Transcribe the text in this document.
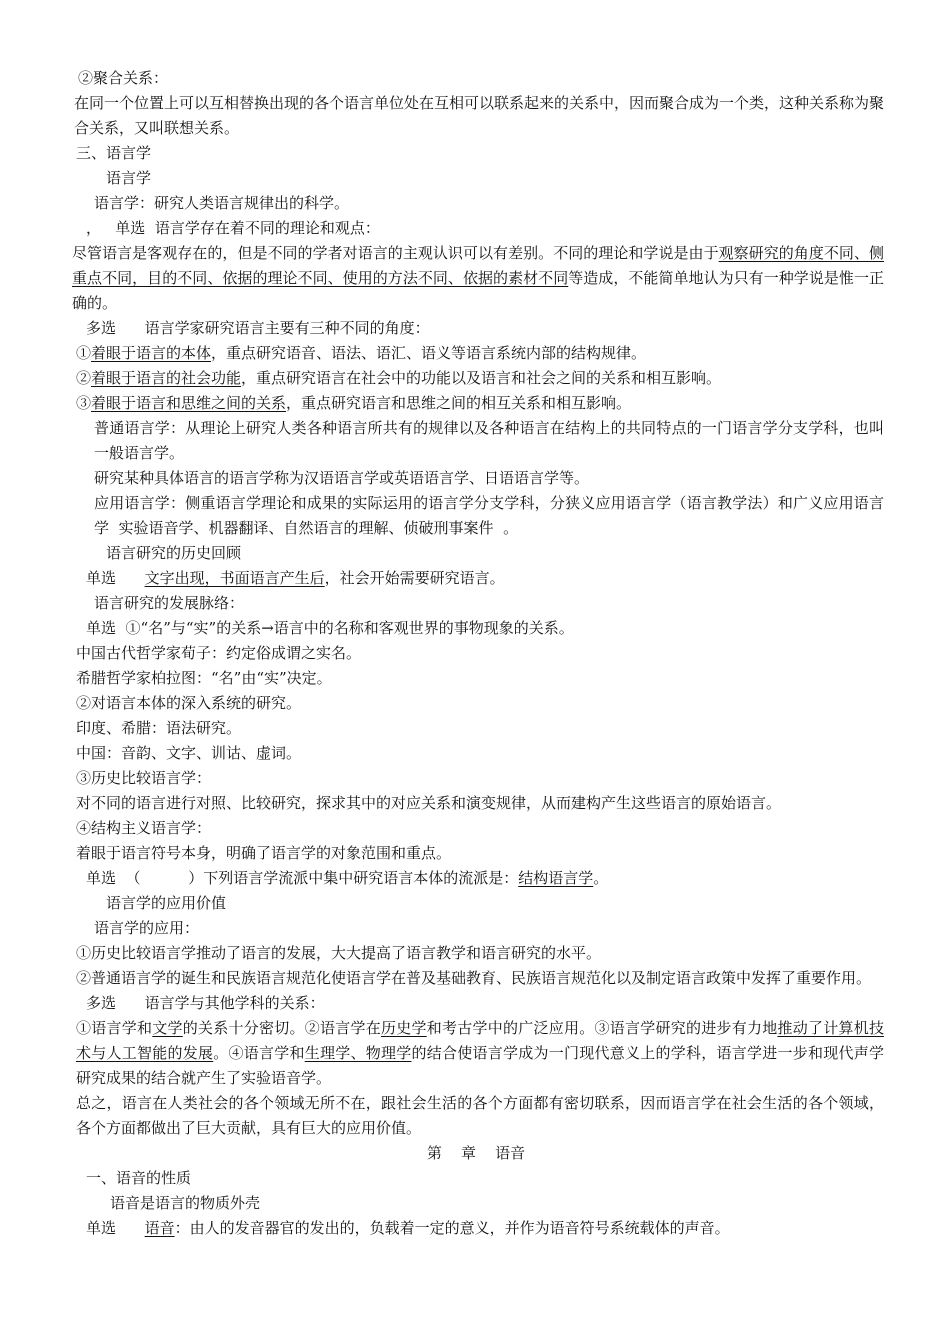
②聚合关系：
在同一个位置上可以互相替换出现的各个语言单位处在互相可以联系起来的关系中，因而聚合成为一个类，这种关系称为聚合关系，又叫联想关系。
三、语言学
语言学
语言学：研究人类语言规律出的科学。
，   单选  语言学存在着不同的理论和观点：
尽管语言是客观存在的，但是不同的学者对语言的主观认识可以有差别。不同的理论和学说是由于观察研究的角度不同、侧重点不同，目的不同、依据的理论不同、使用的方法不同、依据的素材不同等造成，不能简单地认为只有一种学说是惟一正确的。
多选      语言学家研究语言主要有三种不同的角度：
①着眼于语言的本体，重点研究语音、语法、语汇、语义等语言系统内部的结构规律。
②着眼于语言的社会功能，重点研究语言在社会中的功能以及语言和社会之间的关系和相互影响。
③着眼于语言和思维之间的关系，重点研究语言和思维之间的相互关系和相互影响。
普通语言学：从理论上研究人类各种语言所共有的规律以及各种语言在结构上的共同特点的一门语言学分支学科，也叫一般语言学。
研究某种具体语言的语言学称为汉语语言学或英语语言学、日语语言学等。
应用语言学：侧重语言学理论和成果的实际运用的语言学分支学科，分狭义应用语言学（语言教学法）和广义应用语言学  实验语音学、机器翻译、自然语言的理解、侦破刑事案件  。
语言研究的历史回顾
单选      文字出现，书面语言产生后，社会开始需要研究语言。
语言研究的发展脉络：
单选  ①“名”与“实”的关系→语言中的名称和客观世界的事物现象的关系。
中国古代哲学家荀子：约定俗成谓之实名。
希腊哲学家柏拉图：“名”由“实”决定。
②对语言本体的深入系统的研究。
印度、希腊：语法研究。
中国：音韵、文字、训诂、虚词。
③历史比较语言学：
对不同的语言进行对照、比较研究，探求其中的对应关系和演变规律，从而建构产生这些语言的原始语言。
④结构主义语言学：
着眼于语言符号本身，明确了语言学的对象范围和重点。
单选  （          ）下列语言学流派中集中研究语言本体的流派是：结构语言学。
语言学的应用价值
语言学的应用：
①历史比较语言学推动了语言的发展，大大提高了语言教学和语言研究的水平。
②普通语言学的诞生和民族语言规范化使语言学在普及基础教育、民族语言规范化以及制定语言政策中发挥了重要作用。
多选      语言学与其他学科的关系：
①语言学和文学的关系十分密切。②语言学在历史学和考古学中的广泛应用。③语言学研究的进步有力地推动了计算机技术与人工智能的发展。④语言学和生理学、物理学的结合使语言学成为一门现代意义上的学科，语言学进一步和现代声学研究成果的结合就产生了实验语音学。
总之，语言在人类社会的各个领域无所不在，跟社会生活的各个方面都有密切联系，因而语言学在社会生活的各个领域，各个方面都做出了巨大贡献，具有巨大的应用价值。
第    章    语音
一、语音的性质
语音是语言的物质外壳
单选      语音：由人的发音器官的发出的，负载着一定的意义，并作为语音符号系统载体的声音。
